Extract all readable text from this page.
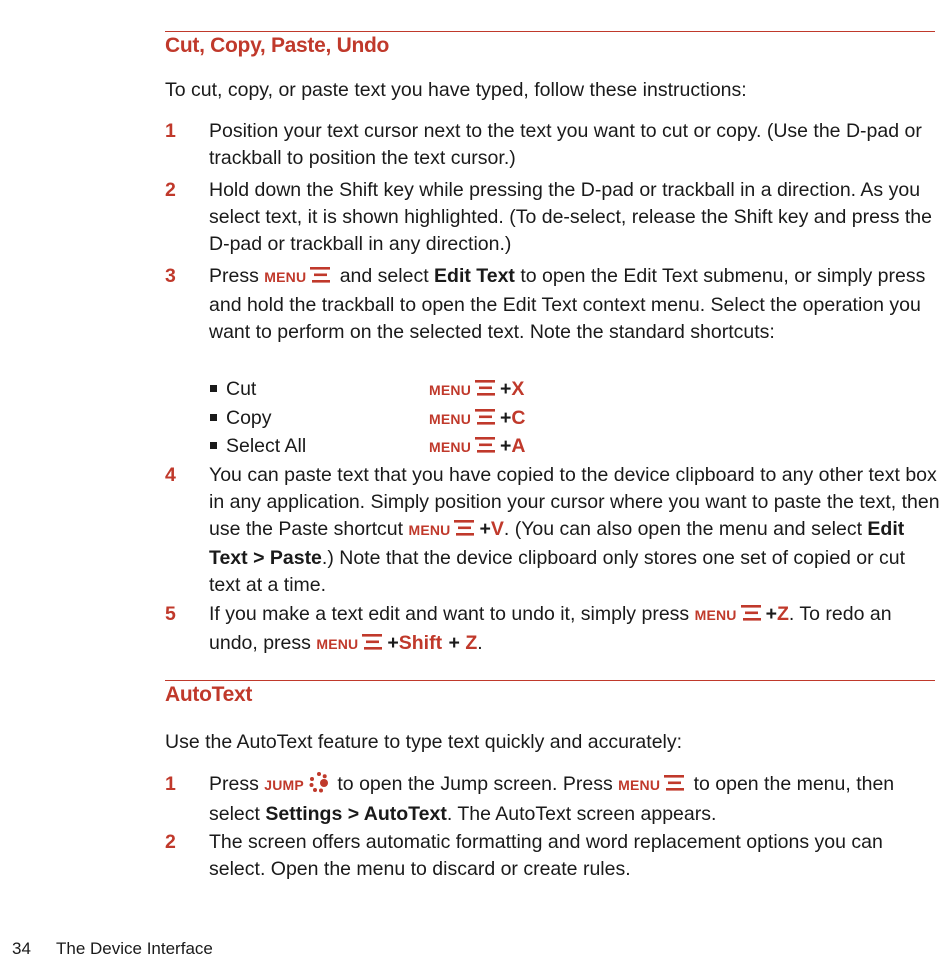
Cut, Copy, Paste, Undo

To cut, copy, or paste text you have typed, follow these instructions:

1	Position your text cursor next to the text you want to cut or copy. (Use the D-pad or trackball to position the text cursor.)
2	Hold down the Shift key while pressing the D-pad or trackball in a direction. As you select text, it is shown highlighted. (To de-select, release the Shift key and press the D-pad or trackball in any direction.)
3	Press MENU and select Edit Text to open the Edit Text submenu, or simply press and hold the trackball to open the Edit Text context menu. Select the operation you want to perform on the selected text. Note the standard shortcuts:
Cut	MENU +X
Copy	MENU +C
Select All	MENU +A
4	You can paste text that you have copied to the device clipboard to any other text box in any application. Simply position your cursor where you want to paste the text, then use the Paste shortcut MENU +V. (You can also open the menu and select Edit Text > Paste.) Note that the device clipboard only stores one set of copied or cut text at a time.
5	If you make a text edit and want to undo it, simply press MENU +Z. To redo an undo, press MENU +Shift + Z.
AutoText

Use the AutoText feature to type text quickly and accurately:

1	Press JUMP to open the Jump screen. Press MENU to open the menu, then select Settings > AutoText. The AutoText screen appears.
2	The screen offers automatic formatting and word replacement options you can select. Open the menu to discard or create rules.
34 The Device Interface
